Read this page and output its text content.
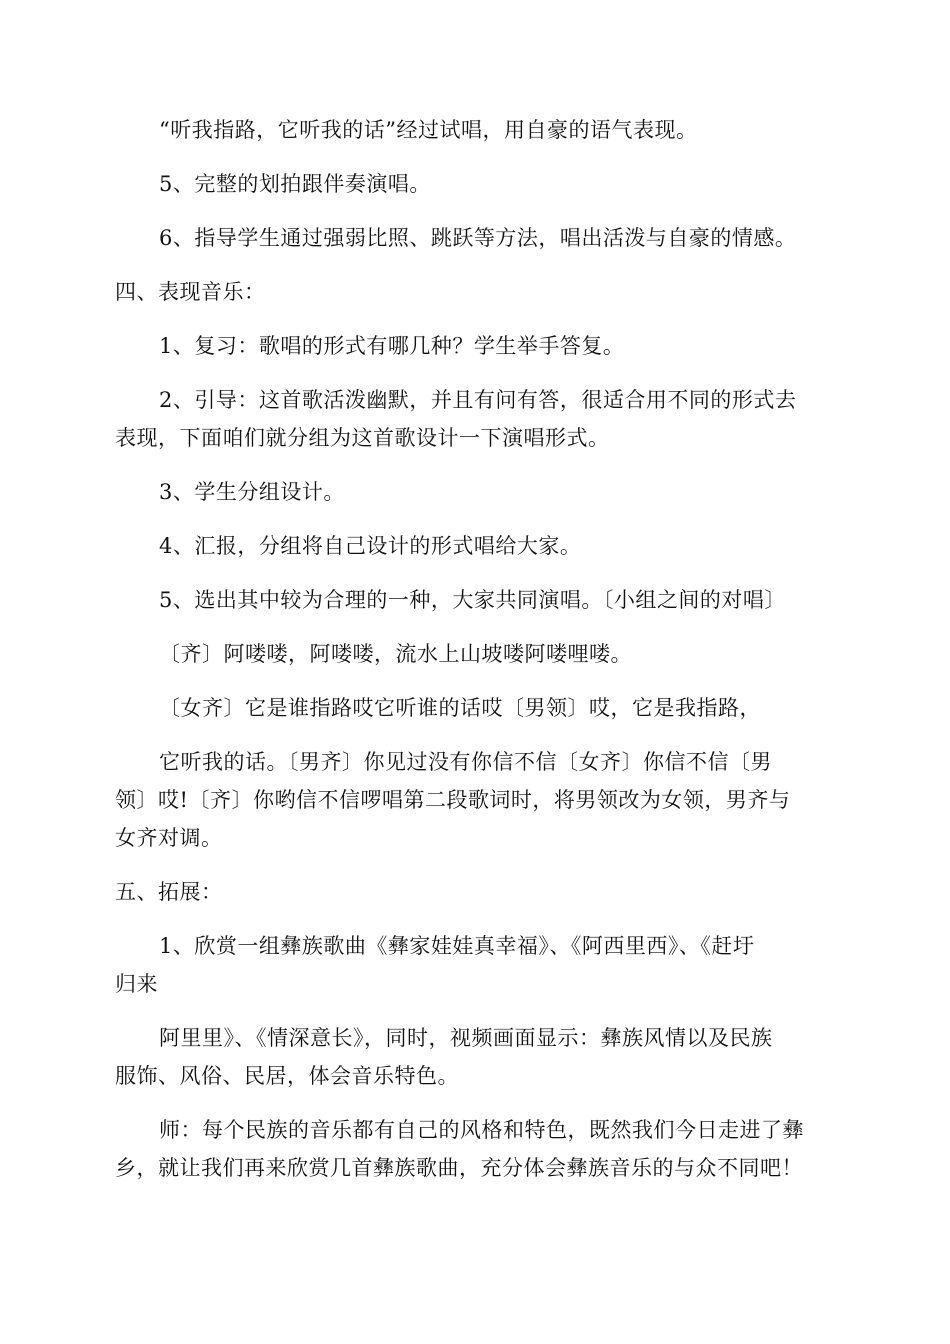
“听我指路，它听我的话”经过试唱，用自豪的语气表现。
5、完整的划拍跟伴奏演唱。
6、指导学生通过强弱比照、跳跃等方法，唱出活泼与自豪的情感。
四、表现音乐：
1、复习：歌唱的形式有哪几种？学生举手答复。
2、引导：这首歌活泼幽默，并且有问有答，很适合用不同的形式去
表现，下面咱们就分组为这首歌设计一下演唱形式。
3、学生分组设计。
4、汇报，分组将自己设计的形式唱给大家。
5、选出其中较为合理的一种，大家共同演唱。〔小组之间的对唱〕
〔齐〕阿喽喽，阿喽喽，流水上山坡喽阿喽哩喽。
〔女齐〕它是谁指路哎它听谁的话哎〔男领〕哎，它是我指路，
它听我的话。〔男齐〕你见过没有你信不信〔女齐〕你信不信〔男
领〕哎!〔齐〕你哟信不信啰唱第二段歌词时，将男领改为女领，男齐与
女齐对调。
五、拓展：
1、欣赏一组彝族歌曲《彝家娃娃真幸福》、《阿西里西》、《赶圩
归来
阿里里》、《情深意长》，同时，视频画面显示：彝族风情以及民族
服饰、风俗、民居，体会音乐特色。
师：每个民族的音乐都有自己的风格和特色，既然我们今日走进了彝
乡，就让我们再来欣赏几首彝族歌曲，充分体会彝族音乐的与众不同吧！
